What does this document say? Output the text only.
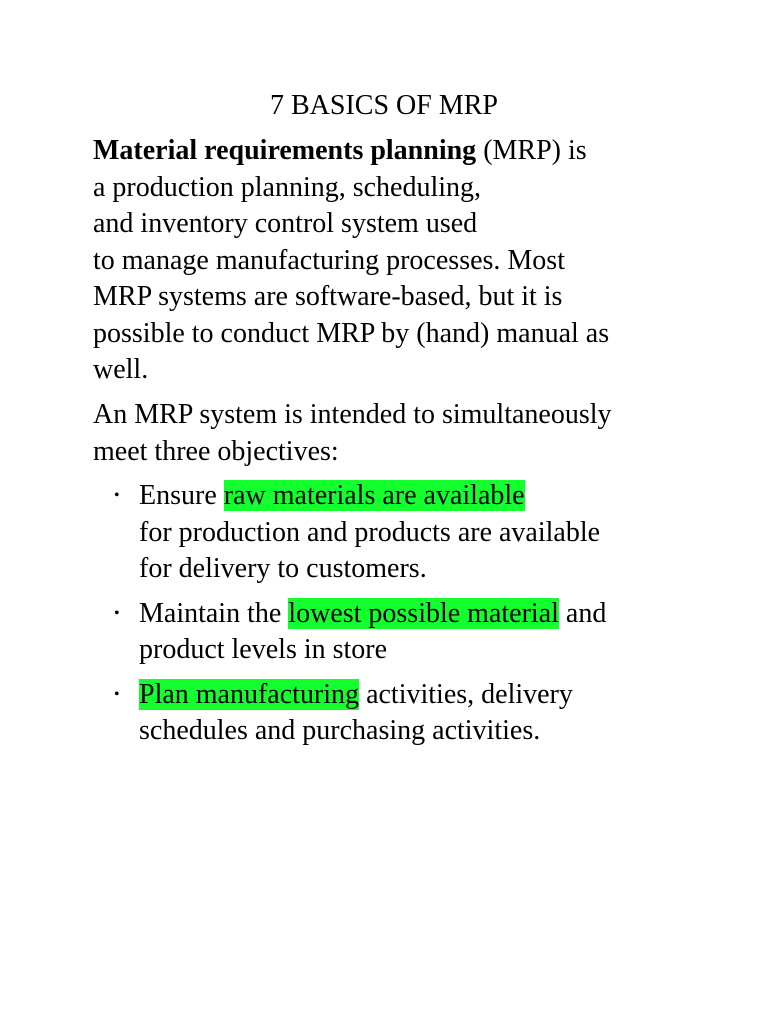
7 BASICS OF MRP

Material requirements planning (MRP) is
a production planning, scheduling,
and inventory control system used
to manage manufacturing processes. Most
MRP systems are software-based, but it is
possible to conduct MRP by (hand) manual as
well.

An MRP system is intended to simultaneously
meet three objectives:

• Ensure raw materials are available
for production and products are available
for delivery to customers.
• Maintain the lowest possible material and
product levels in store
• Plan manufacturing activities, delivery
schedules and purchasing activities.
